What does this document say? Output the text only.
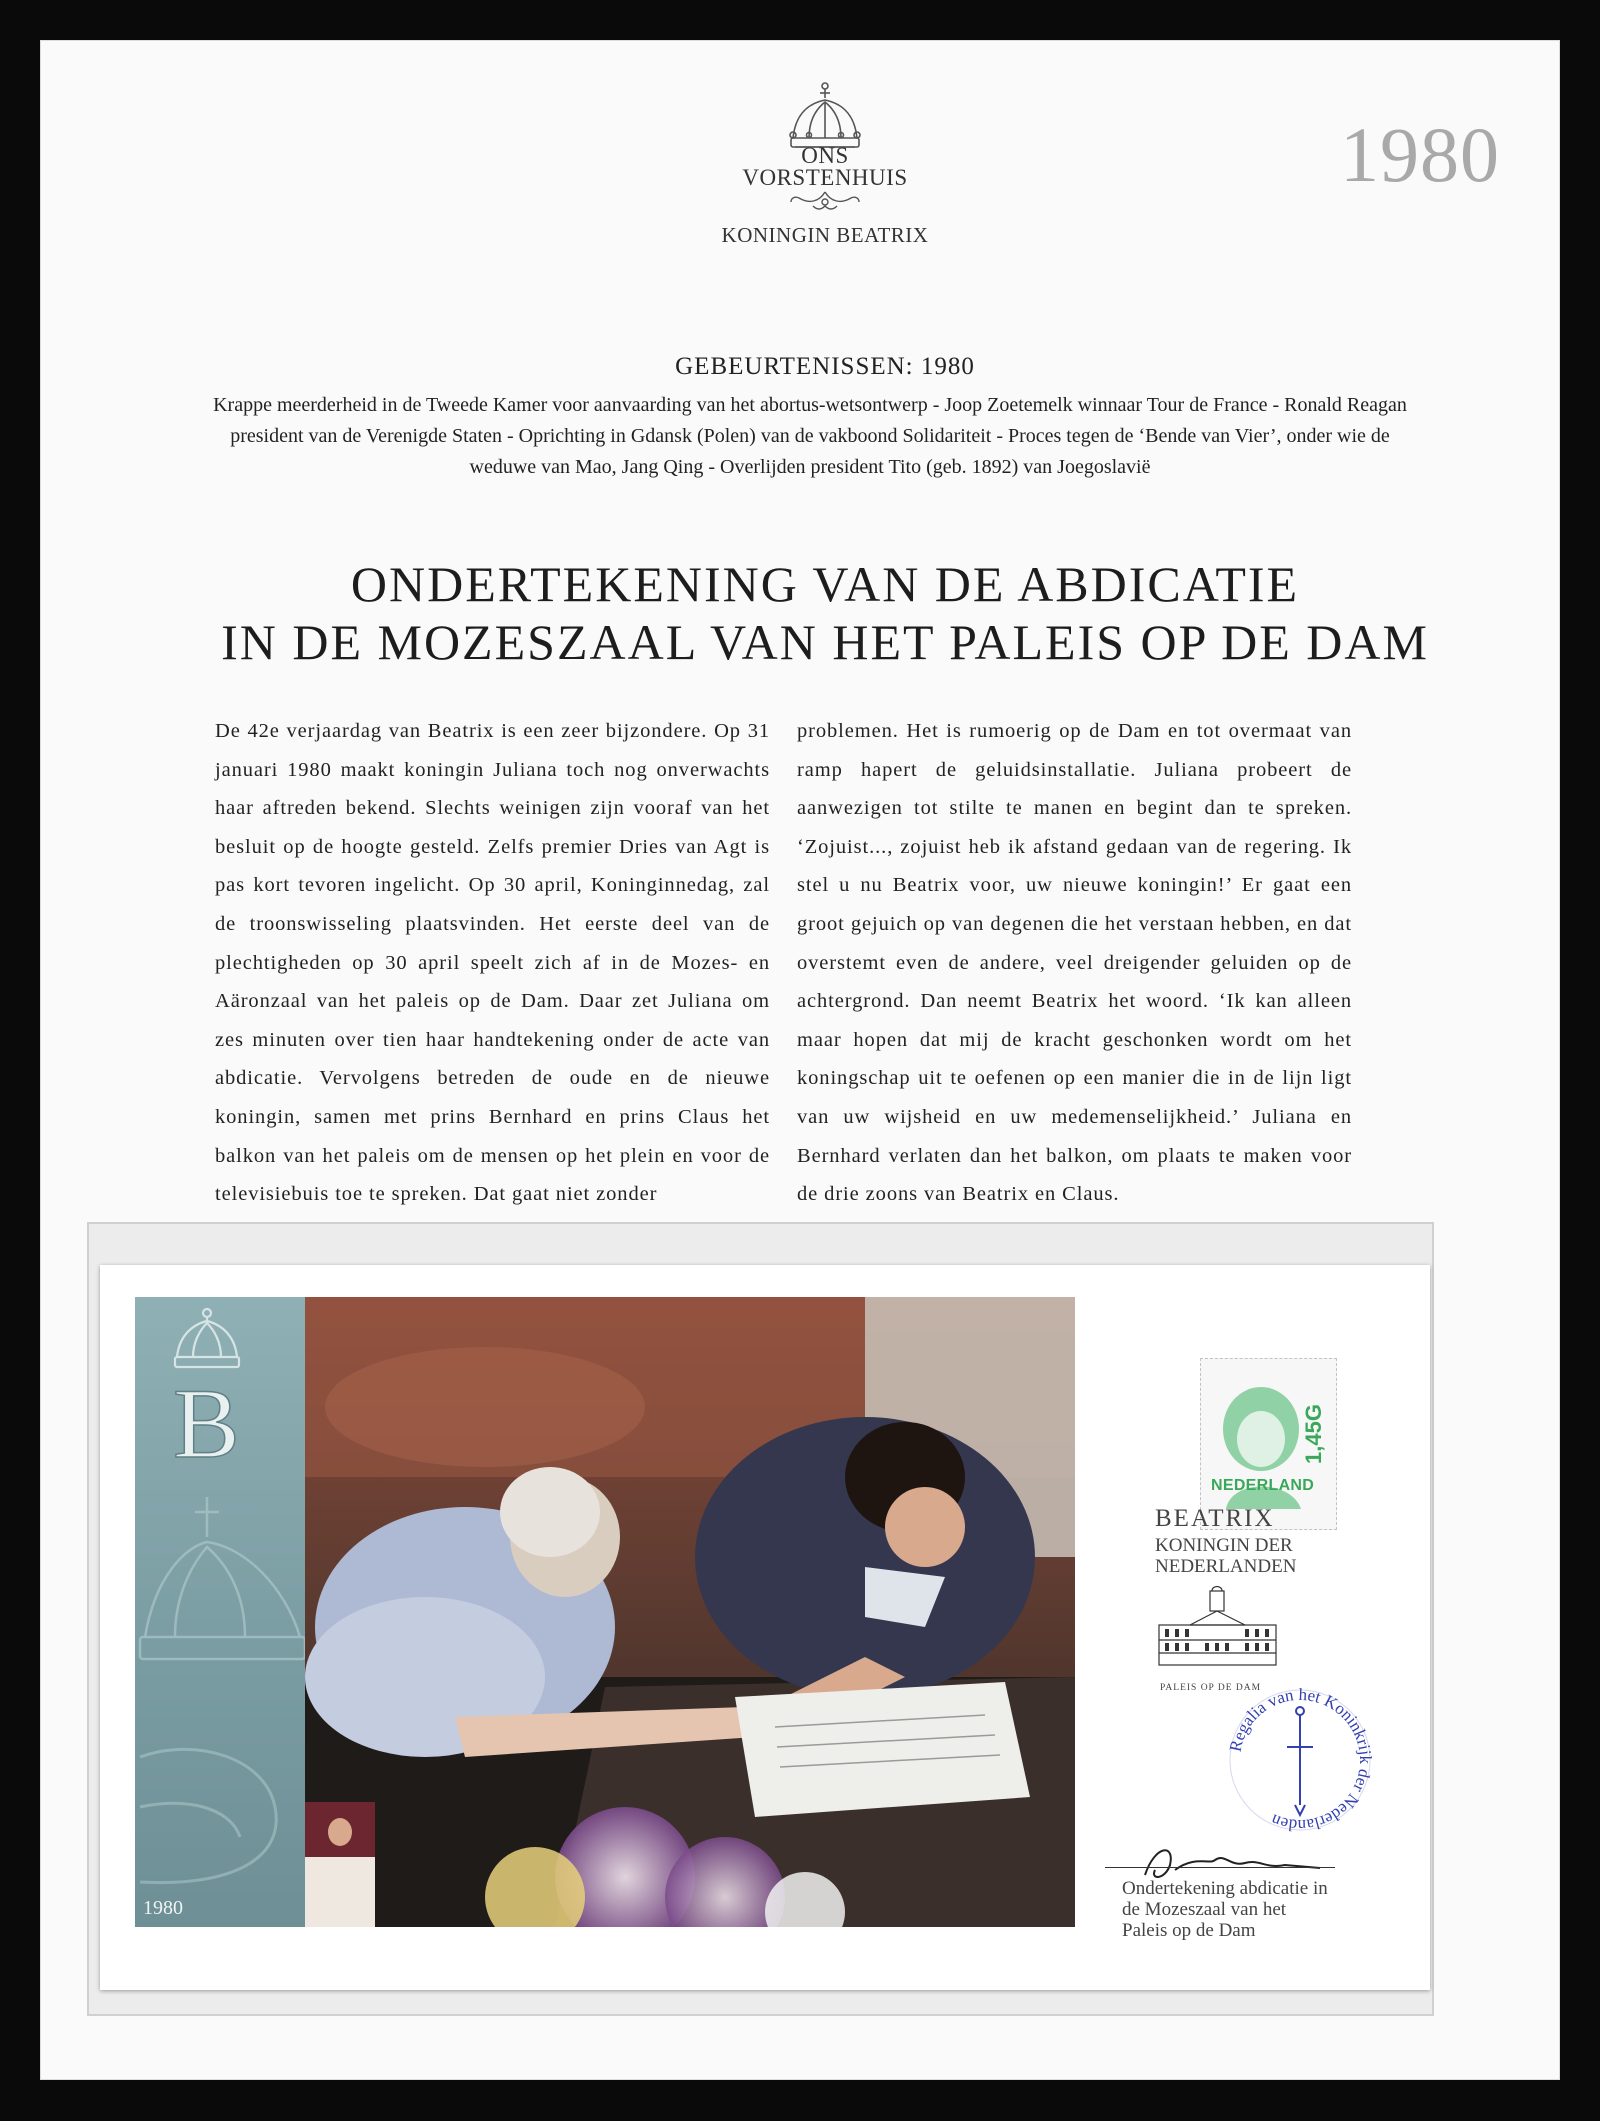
ONS
VORSTENHUIS
KONINGIN BEATRIX
1980
GEBEURTENISSEN: 1980
Krappe meerderheid in de Tweede Kamer voor aanvaarding van het abortus-wetsontwerp - Joop Zoetemelk winnaar Tour de France - Ronald Reagan president van de Verenigde Staten - Oprichting in Gdansk (Polen) van de vakboond Solidariteit - Proces tegen de ‘Bende van Vier’, onder wie de weduwe van Mao, Jang Qing - Overlijden president Tito (geb. 1892) van Joegoslavië
ONDERTEKENING VAN DE ABDICATIE
IN DE MOZESZAAL VAN HET PALEIS OP DE DAM
De 42e verjaardag van Beatrix is een zeer bijzondere. Op 31 januari 1980 maakt koningin Juliana toch nog onverwachts haar aftreden bekend. Slechts weinigen zijn vooraf van het besluit op de hoogte gesteld. Zelfs premier Dries van Agt is pas kort tevoren ingelicht. Op 30 april, Koninginnedag, zal de troonswisseling plaatsvinden. Het eerste deel van de plechtigheden op 30 april speelt zich af in de Mozes- en Aäronzaal van het paleis op de Dam. Daar zet Juliana om zes minuten over tien haar handtekening onder de acte van abdicatie. Vervolgens betreden de oude en de nieuwe koningin, samen met prins Bernhard en prins Claus het balkon van het paleis om de mensen op het plein en voor de televisiebuis toe te spreken. Dat gaat niet zonder
problemen. Het is rumoerig op de Dam en tot overmaat van ramp hapert de geluidsinstallatie. Juliana probeert de aanwezigen tot stilte te manen en begint dan te spreken. ‘Zojuist..., zojuist heb ik afstand gedaan van de regering. Ik stel u nu Beatrix voor, uw nieuwe koningin!’ Er gaat een groot gejuich op van degenen die het verstaan hebben, en dat overstemt even de andere, veel dreigender geluiden op de achtergrond. Dan neemt Beatrix het woord. ‘Ik kan alleen maar hopen dat mij de kracht geschonken wordt om het koningschap uit te oefenen op een manier die in de lijn ligt van uw wijsheid en uw medemenselijkheid.’ Juliana en Bernhard verlaten dan het balkon, om plaats te maken voor de drie zoons van Beatrix en Claus.
B
1980
NEDERLAND
1,45G
BEATRIX
KONINGIN DER
NEDERLANDEN
PALEIS OP DE DAM
Regalia van het Koninkrijk der Nederlanden
Ondertekening abdicatie in
de Mozeszaal van het
Paleis op de Dam
